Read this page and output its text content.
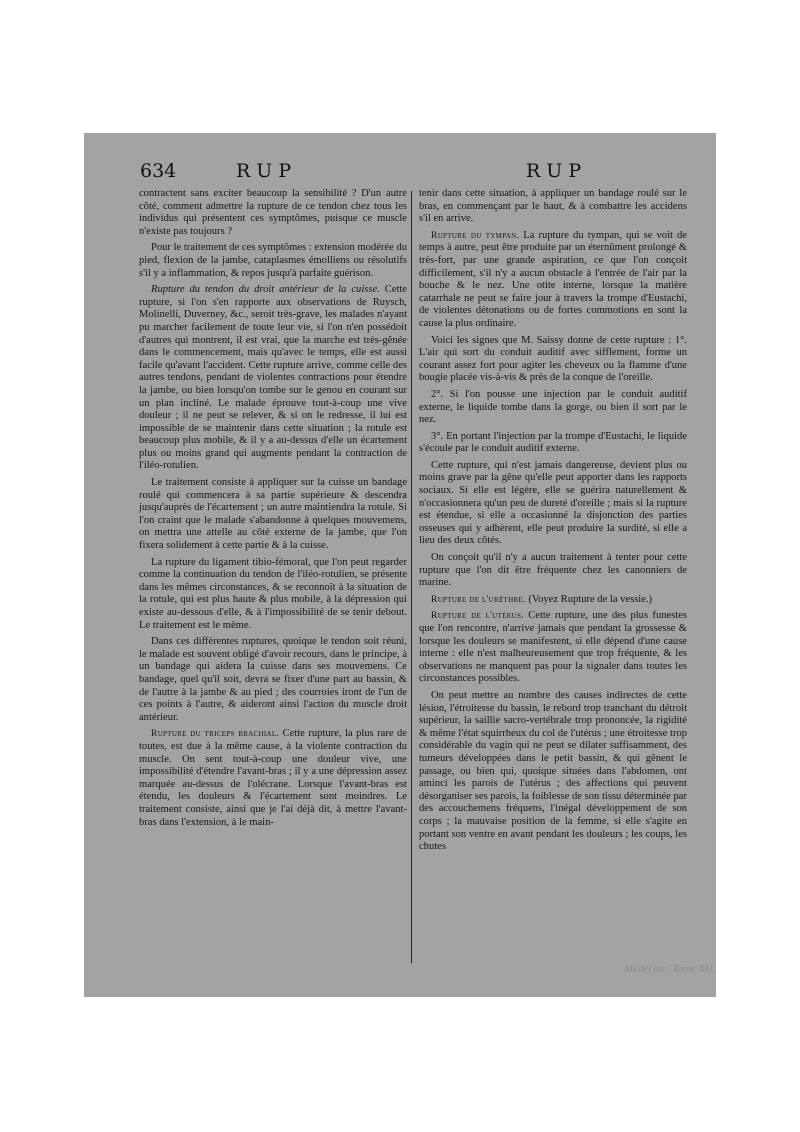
634	RUP	RUP

contractent sans exciter beaucoup la sensibilité ? D'un autre côté, comment admettre la rupture de ce tendon chez tous les individus qui présentent ces symptômes, puisque ce muscle n'existe pas toujours ?

Pour le traitement de ces symptômes : extension modérée du pied, flexion de la jambe, cataplasmes émolliens ou résolutifs s'il y a inflammation, & repos jusqu'à parfaite guérison.

Rupture du tendon du droit antérieur de la cuisse. Cette rupture, si l'on s'en rapporte aux observations de Ruysch, Molinelli, Duverney, &c., seroit très-grave, les malades n'ayant pu marcher facilement de toute leur vie, si l'on n'en possédoit d'autres qui montrent, il est vrai, que la marche est très-gênée dans le commencement, mais qu'avec le temps, elle est aussi facile qu'avant l'accident. Cette rupture arrive, comme celle des autres tendons, pendant de violentes contractions pour étendre la jambe, ou bien lorsqu'on tombe sur le genou en courant sur un plan incliné. Le malade éprouve tout-à-coup une vive douleur ; il ne peut se relever, & si on le redresse, il lui est impossible de se maintenir dans cette situation ; la rotule est beaucoup plus mobile, & il y a au-dessus d'elle un écartement plus ou moins grand qui augmente pendant la contraction de l'iléo-rotulien.

Le traitement consiste à appliquer sur la cuisse un bandage roulé qui commencera à sa partie supérieure & descendra jusqu'auprès de l'écartement ; un autre maintiendra la rotule. Si l'on craint que le malade s'abandonne à quelques mouvemens, on mettra une attelle au côté externe de la jambe, que l'on fixera solidement à cette partie & à la cuisse.

La rupture du ligament tibio-fémoral, que l'on peut regarder comme la continuation du tendon de l'iléo-rotulien, se présente dans les mêmes circonstances, & se reconnoît à la situation de la rotule, qui est plus haute & plus mobile, à la dépression qui existe au-dessous d'elle, & à l'impossibilité de se tenir debout. Le traitement est le même.

Dans ces différentes ruptures, quoique le tendon soit réuni, le malade est souvent obligé d'avoir recours, dans le principe, à un bandage qui aidera la cuisse dans ses mouvemens. Ce bandage, quel qu'il soit, devra se fixer d'une part au bassin, & de l'autre à la jambe & au pied ; des courroies iront de l'un de ces points à l'autre, & aideront ainsi l'action du muscle droit antérieur.

Rupture du triceps brachial. Cette rupture, la plus rare de toutes, est due à la même cause, à la violente contraction du muscle. On sent tout-à-coup une douleur vive, une impossibilité d'étendre l'avant-bras ; il y a une dépression assez marquée au-dessus de l'olécrane. Lorsque l'avant-bras est étendu, les douleurs & l'écartement sont moindres. Le traitement consiste, ainsi que je l'ai déjà dit, à mettre l'avant-bras dans l'extension, à le main-

tenir dans cette situation, à appliquer un bandage roulé sur le bras, en commençant par le haut, & à combattre les accidens s'il en arrive.

Rupture du tympan. La rupture du tympan, qui se voit de temps à autre, peut être produite par un éternûment prolongé & très-fort, par une grande aspiration, ce que l'on conçoit difficilement, s'il n'y a aucun obstacle à l'entrée de l'air par la bouche & le nez. Une otite interne, lorsque la matière catarrhale ne peut se faire jour à travers la trompe d'Eustachi, de violentes détonations ou de fortes commotions en sont la cause la plus ordinaire.

Voici les signes que M. Saissy donne de cette rupture : 1°. L'air qui sort du conduit auditif avec sifflement, forme un courant assez fort pour agiter les cheveux ou la flamme d'une bougie placée vis-à-vis & près de la conque de l'oreille.

2°. Si l'on pousse une injection par le conduit auditif externe, le liquide tombe dans la gorge, ou bien il sort par le nez.

3°. En portant l'injection par la trompe d'Eustachi, le liquide s'écoule par le conduit auditif externe.

Cette rupture, qui n'est jamais dangereuse, devient plus ou moins grave par la gêne qu'elle peut apporter dans les rapports sociaux. Si elle est légère, elle se guérira naturellement & n'occasionnera qu'un peu de dureté d'oreille ; mais si la rupture est étendue, si elle a occasionné la disjonction des parties osseuses qui y adhèrent, elle peut produire la surdité, si elle a lieu des deux côtés.

On conçoit qu'il n'y a aucun traitement à tenter pour cette rupture que l'on dit être fréquente chez les canonniers de marine.

Rupture de l'urèthre. (Voyez Rupture de la vessie.)

Rupture de l'utérus. Cette rupture, une des plus funestes que l'on rencontre, n'arrive jamais que pendant la grossesse & lorsque les douleurs se manifestent, si elle dépend d'une cause interne : elle n'est malheureusement que trop fréquente, & les observations ne manquent pas pour la signaler dans toutes les circonstances possibles.

On peut mettre au nombre des causes indirectes de cette lésion, l'étroitesse du bassin, le rebord trop tranchant du détroit supérieur, la saillie sacro-vertébrale trop prononcée, la rigidité & même l'état squirrheux du col de l'utérus ; une étroitesse trop considérable du vagin qui ne peut se dilater suffisamment, des tumeurs développées dans le petit bassin, & qui gênent le passage, ou bien qui, quoique situées dans l'abdomen, ont aminci les parois de l'utérus ; des affections qui peuvent désorganiser ses parois, la foiblesse de son tissu déterminée par des accouchemens fréquens, l'inégal développement de son corps ; la mauvaise position de la femme, si elle s'agite en portant son ventre en avant pendant les douleurs ; les coups, les chutes

Médecine. Tome XII.
